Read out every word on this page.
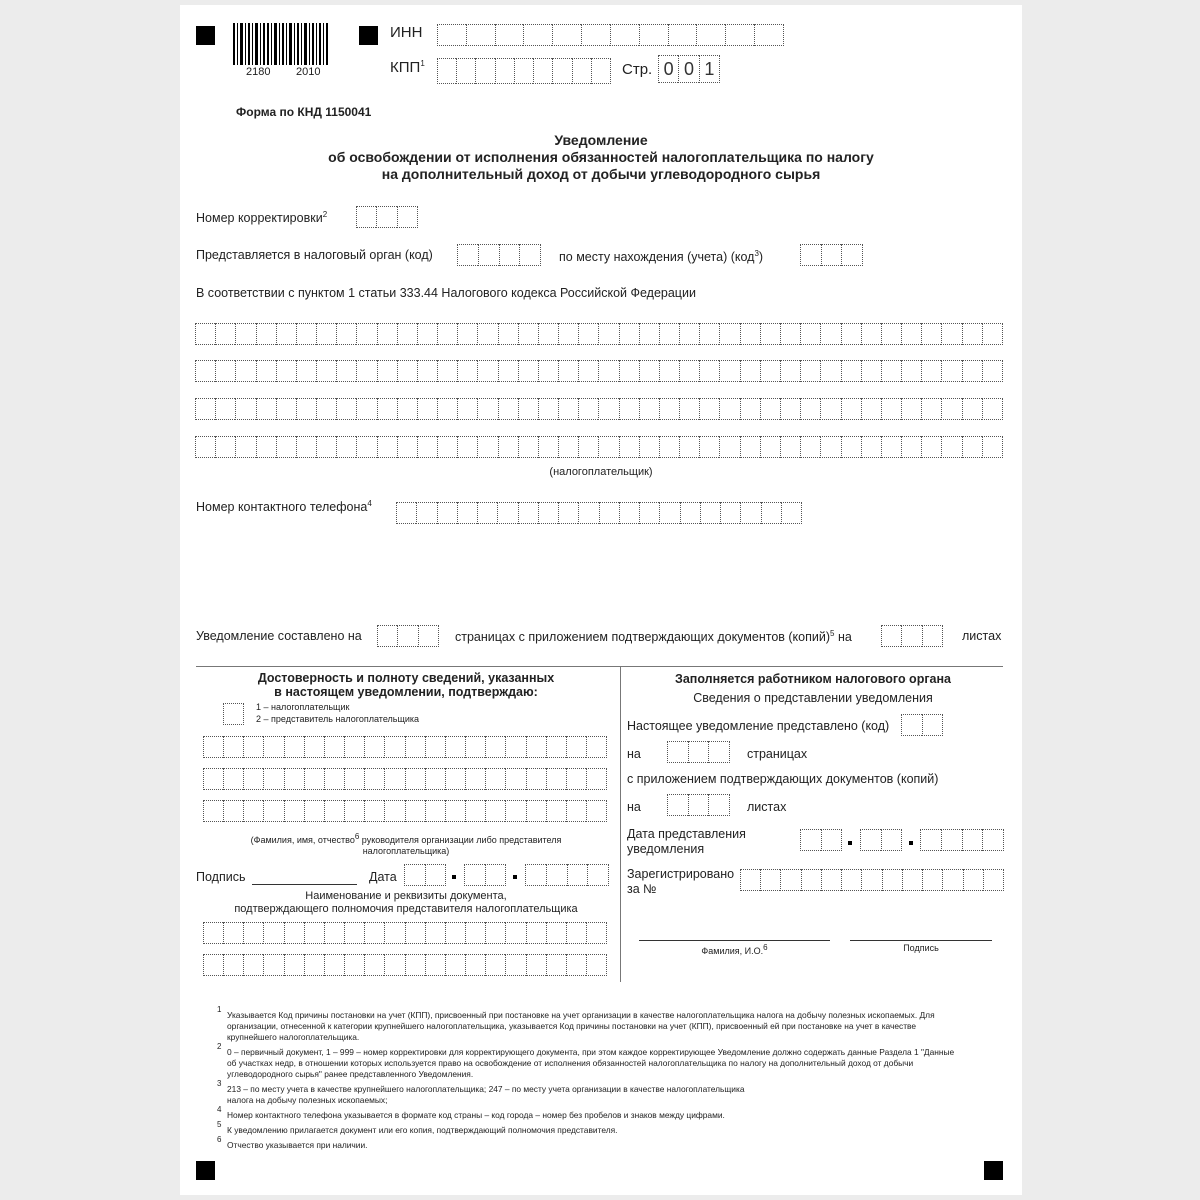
2180 2010
ИНН
КПП$^1$	Стр. 0 0 1
Форма по КНД 1150041
Уведомление
об освобождении от исполнения обязанностей налогоплательщика по налогу
на дополнительный доход от добычи углеводородного сырья
Номер корректировки$^2$
Представляется в налоговый орган (код)	по месту нахождения (учета) (код$^3$)
В соответствии с пунктом 1 статьи 333.44 Налогового кодекса Российской Федерации
(налогоплательщик)
Номер контактного телефона$^4$
Уведомление составлено на	страницах с приложением подтверждающих документов (копий)$^5$ на	листах
Достоверность и полноту сведений, указанных
в настоящем уведомлении, подтверждаю:
1 – налогоплательщик
2 – представитель налогоплательщика
(Фамилия, имя, отчество$^6$ руководителя организации либо представителя
налогоплательщика)
Подпись	Дата
Наименование и реквизиты документа,
подтверждающего полномочия представителя налогоплательщика
Заполняется работником налогового органа
Сведения о представлении уведомления
Настоящее уведомление представлено (код)
на	страницах
с приложением подтверждающих документов (копий)
на	листах
Дата представления
уведомления
Зарегистрировано
за №
Фамилия, И.О.$^6$	Подпись
1
Указывается Код причины постановки на учет (КПП), присвоенный при постановке на учет организации в качестве налогоплательщика налога на добычу полезных ископаемых. Для организации, отнесенной к категории крупнейшего налогоплательщика, указывается Код причины постановки на учет (КПП), присвоенный ей при постановке на учет в качестве крупнейшего налогоплательщика.
2
0 – первичный документ, 1 – 999 – номер корректировки для корректирующего документа, при этом каждое корректирующее Уведомление должно содержать данные Раздела 1 "Данные об участках недр, в отношении которых используется право на освобождение от исполнения обязанностей налогоплательщика по налогу на дополнительный доход от добычи углеводородного сырья" ранее представленного Уведомления.
3
213 – по месту учета в качестве крупнейшего налогоплательщика; 247 – по месту учета организации в качестве налогоплательщика налога на добычу полезных ископаемых;
4
Номер контактного телефона указывается в формате код страны – код города – номер без пробелов и знаков между цифрами.
5
К уведомлению прилагается документ или его копия, подтверждающий полномочия представителя.
6
Отчество указывается при наличии.
